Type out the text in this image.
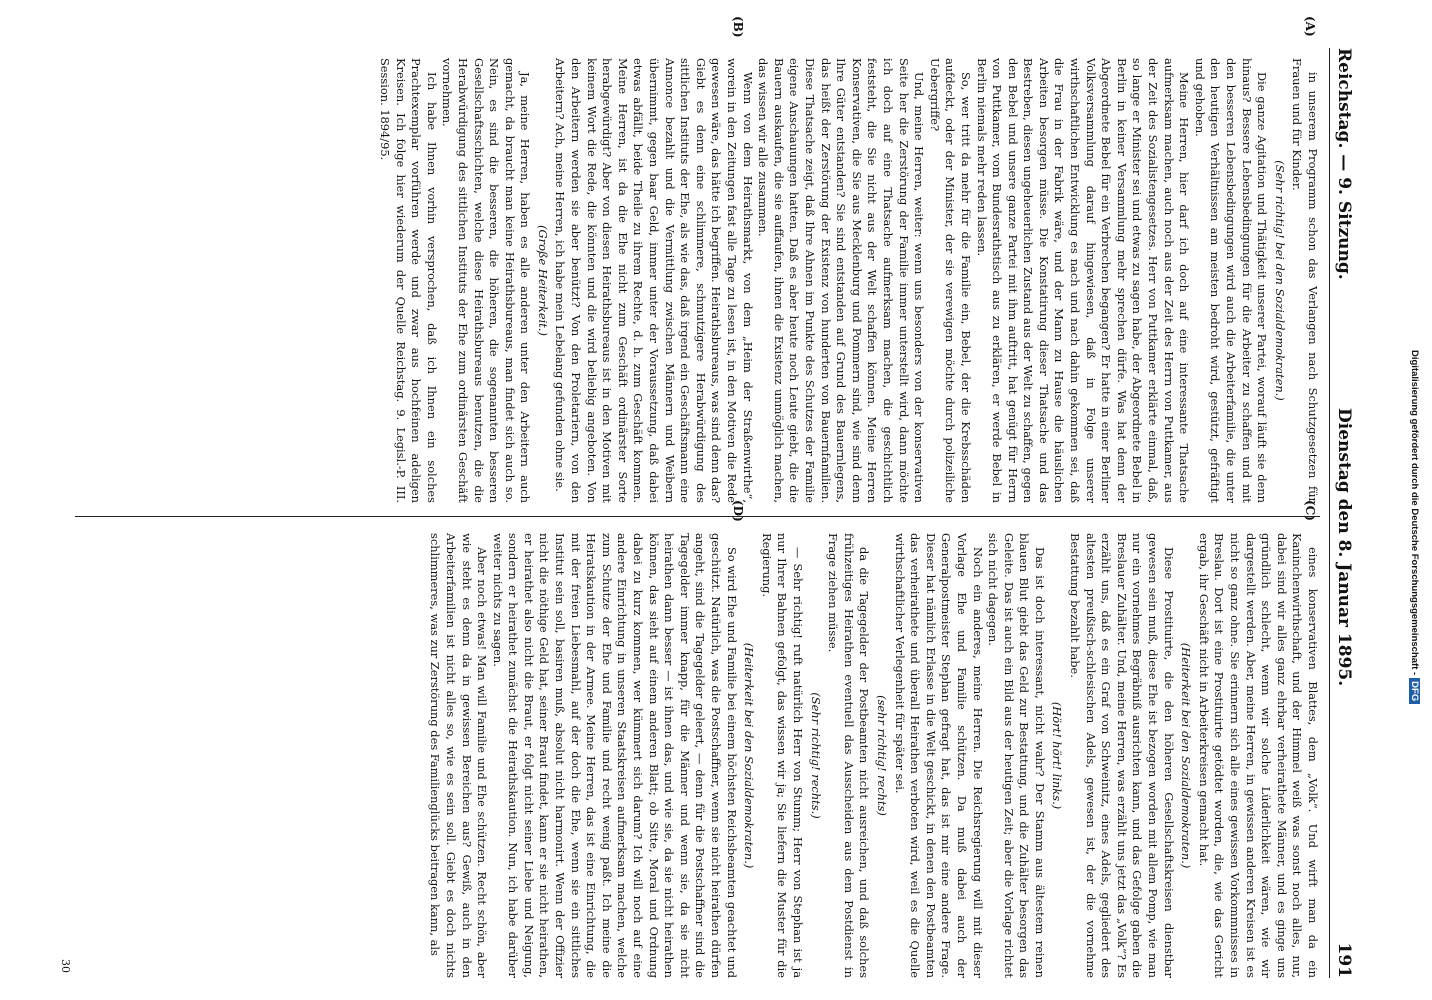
Reichstag. — 9. Sitzung.
Dienstag den 8. Januar 1895.
191
(A)
(B)
(C)
(D)

in unserem Programm schon das Verlangen nach Schutzgesetzen für Frauen und für Kinder.

(Sehr richtig! bei den Sozialdemokraten.)

Die ganze Agitation und Thätigkeit unserer Partei, worauf läuft sie denn hinaus? Bessere Lebensbedingungen für die Arbeiter zu schaffen und mit den besseren Lebensbedingungen wird auch die Arbeiterfamilie, die unter den heutigen Verhältnissen am meisten bedroht wird, gestützt, gefräftigt und gehoben.

Meine Herren, hier darf ich doch auf eine interessante Thatsache aufmerksam machen, auch noch aus der Zeit des Herrn von Puttkamer, aus der Zeit des Sozialistengesetzes. Herr von Puttkamer erklärte einmal, daß, so lange er Minister sei und etwas zu sagen habe, der Abgeordnete Bebel in Berlin in keiner Versammlung mehr sprechen dürfe. Was hat denn der Abgeordnete Bebel für ein Verbrechen begangen? Er hatte in einer Berliner Volksversammlung darauf hingewiesen, daß in Folge unserer wirthschaftlichen Entwicklung es nach und nach dahin gekommen sei, daß die Frau in der Fabrik wäre, und der Mann zu Hause die häuslichen Arbeiten besorgen müsse. Die Konstatirung dieser Thatsache und das Bestreben, diesen ungeheuerlichen Zustand aus der Welt zu schaffen, gegen den Bebel und unsere ganze Partei mit ihm auftritt, hat genügt für Herrn von Puttkamer, vom Bundesrathstisch aus zu erklären, er werde Bebel in Berlin niemals mehr reden lassen.

So, wer tritt da mehr für die Familie ein, Bebel, der die Krebsschäden aufdeckt, oder der Minister, der sie verewigen möchte durch polizeiliche Uebergriffe?

Und, meine Herren, weiter: wenn uns besonders von der konservativen Seite her die Zerstörung der Familie immer unterstellt wird, dann möchte ich doch auf eine Thatsache aufmerksam machen, die geschichtlich feststeht, die Sie nicht aus der Welt schaffen können. Meine Herren Konservativen, die Sie aus Mecklenburg und Pommern sind, wie sind denn Ihre Güter entstanden? Sie sind entstanden auf Grund des Bauernlegens, das heißt der Zerstörung der Existenz von hunderten von Bauernfamilien. Diese Thatsache zeigt, daß Ihre Ahnen im Punkte des Schutzes der Familie eigene Anschauungen hatten. Daß es aber heute noch Leute giebt, die die Bauern auskaufen, die sie auffaufen, ihnen die Existenz unmöglich machen, das wissen wir alle zusammen.

Wenn von dem Heirathsmarkt, von dem „Heim der Straßenwirthe“, worein in den Zeitungen fast alle Tage zu lesen ist, in den Motiven die Rede gewesen wäre, das hätte ich begriffen. Heirathsbureaus, was sind denn das? Giebt es denn eine schlimmere, schmutzigere Herabwürdigung des sittlichen Instituts der Ehe, als wie das, daß irgend ein Geschäftsmann eine Annonce bezahlt und die Vermittlung zwischen Männern und Weibern übernimmt, gegen baar Geld, immer unter der Voraussetzung, daß dabei etwas abfällt, beide Theile zu ihrem Rechte, d. h. zum Geschäft kommen. Meine Herren, ist da die Ehe nicht zum Geschäft ordinärster Sorte herabgewürdigt? Aber von diesen Heirathsbureaus ist in den Motiven mit keinem Wort die Rede, die könnten und die wird beliebig angeboten. Von den Arbeitern werden sie aber benützt? Von den Proletariern, von den Arbeitern? Ach, meine Herren, ich habe mein Lebelang gefunden ohne sie.

(Große Heiterkeit.)

Ja, meine Herren, haben es alle anderen unter den Arbeitern auch gemacht, da braucht man keine Heirathsbureaus, man findet sich auch so. Nein, es sind die besseren, die höheren, die sogenannten besseren Gesellschaftsschichten, welche diese Heirathsbureaus benutzen, die die Herabwürdigung des sittlichen Instituts der Ehe zum ordinärsten Geschäft vornehmen.

Ich habe Ihnen vorhin versprochen, daß ich Ihnen ein solches Prachtexemplar vorführen werde und zwar aus hochfeinen adeligen Kreisen. Ich folge hier wiederum der Quelle Reichstag. 9. Legisl.-P. III. Session. 1894/95.

eines konservativen Blattes, dem „Volk“. Und wirft man da ein Kaninchenwirthschaft, und der Himmel weiß was sonst noch alles, nur, dabei sind wir alles ganz ehrbar verheirathete Männer, und es ginge uns gründlich schlecht, wenn wir solche Lüderlichkeit wären, wie wir dargestellt werden. Aber, meine Herren, in gewissen anderen Kreisen ist es nicht so ganz ohne. Sie erinnern sich alle eines gewissen Vorkommnisses in Breslau. Dort ist eine Prostituirte getödtet worden, die, wie das Gericht ergab, ihr Geschäft nicht in Arbeiterkreisen gemacht hat.

(Heiterkeit bei den Sozialdemokraten.)

Diese Prostituirte, die den höheren Gesellschaftskreisen dienstbar gewesen sein muß, diese Ehe ist bezogen worden mit allem Pomp, wie man nur ein vornehmes Begräbniß ausrichten kann, und das Gefolge gaben die Breslauer Zuhälter. Und, meine Herren, was erzählt uns jetzt das „Volk“? Es erzählt uns, daß es ein Graf von Schweinitz, eines Adels, gegliedert des altesten preußisch-schlesischen Adels, gewesen ist, der die vornehme Bestattung bezahlt habe.

(Hört! hört! links.)

Das ist doch interessant, nicht wahr? Der Stamm aus ältestem reinen blauen Blut giebt das Geld zur Bestattung, und die Zuhälter besorgen das Geleite. Das ist auch ein Bild aus der heutigen Zeit; aber die Vorlage richtet sich nicht dagegen.

Noch ein anderes, meine Herren. Die Reichsregierung will mit dieser Vorlage Ehe und Familie schützen. Da muß dabei auch der Generalpostmeister Stephan gefragt hat, das ist mir eine andere Frage. Dieser hat nämlich Erlasse in die Welt geschickt, in denen den Postbeamten das verheirathete und überall Heirathen verboten wird, weil es die Quelle wirthschaftlicher Verlegenheit für später sei.

(sehr richtig! rechts)

da die Tagegelder der Postbeamten nicht ausreichen, und daß solches frühzeitiges Heirathen eventuell das Ausscheiden aus dem Postdienst in Frage ziehen müsse.

(Sehr richtig! rechts.)

— Sehr richtig! ruft natürlich Herr von Stumm; Herr von Stephan ist ja nur Ihrer Bahnen gefolgt, das wissen wir ja; Sie liefern die Muster für die Regierung.

(Heiterkeit bei den Sozialdemokraten.)

So wird Ehe und Familie bei einem höchsten Reichsbeamten geachtet und geschützt. Natürlich, was die Postschaffner, wenn sie nicht heirathen dürfen angeht, sind die Tagegelder geleert, — denn für die Postschaffner sind die Tagegelder immer knapp, für die Männer und wenn sie, da sie nicht heirathen dann besser — ist ihnen das, und wie sie, da sie nicht heirathen können, das sieht auf einem anderen Blatt; ob Sitte, Moral und Ordnung dabei zu kurz kommen, wer kümmert sich darum? Ich will noch auf eine andere Einrichtung in unseren Staatskreisen aufmerksam machen, welche zum Schutze der Ehe und Familie und recht wenig paßt. Ich meine die Heiratskaution in der Armee. Meine Herren, das ist eine Einrichtung, die mit der freien Liebesmahl, auf der doch die Ehe, wenn sie ein sittliches Institut sein soll, basiren muß, absolut nicht harmonirt. Wenn der Offizier nicht die nöthige Geld hat, seiner Braut findet, kann er sie nicht heirathen, er heirathet also nicht die Braut, er folgt nicht seiner Liebe und Neigung, sondern er heirathet zunächst die Heirathskaution. Nun, ich habe darüber weiter nichts zu sagen.

Aber noch etwas! Man will Familie und Ehe schützen. Recht schön, aber wie steht es denn da in gewissen Bereichen aus? Gewiß, auch in den Arbeiterfamilien ist nicht alles so, wie es sein soll. Giebt es doch nichts schlimmeres, was zur Zerstörung des Familienglücks beitragen kann, als

30
Digitalisierung gefördert durch die Deutsche Forschungsgemeinschaft -DFG
